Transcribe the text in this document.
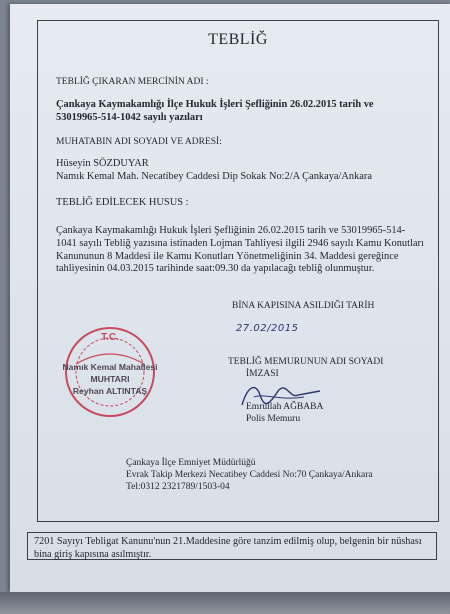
TEBLİĞ
TEBLİĞ ÇIKARAN MERCİNİN ADI :
Çankaya Kaymakamlığı İlçe Hukuk İşleri Şefliğinin 26.02.2015 tarih ve
53019965-514-1042 sayılı yazıları
MUHATABIN ADI SOYADI VE ADRESİ:
Hüseyin SÖZDUYAR
Namık Kemal Mah. Necatibey Caddesi Dip Sokak No:2/A Çankaya/Ankara
TEBLİĞ EDİLECEK HUSUS :
Çankaya Kaymakamlığı Hukuk İşleri Şefliğinin 26.02.2015 tarih ve 53019965-514-1041 sayılı Tebliğ yazısına istinaden Lojman Tahliyesi ilgili 2946 sayılı Kamu Konutları Kanununun 8 Maddesi ile Kamu Konutları Yönetmeliğinin 34. Maddesi gereğince tahliyesinin 04.03.2015 tarihinde saat:09.30 da yapılacağı tebliğ olunmuştur.
BİNA KAPISINA ASILDIĞI TARİH
27.02/2015
TEBLİĞ MEMURUNUN ADI SOYADI
İMZASI
Emrullah AĞBABA
Polis Memuru
Çankaya İlçe Emniyet Müdürlüğü
Evrak Takip Merkezi Necatibey Caddesi No:70 Çankaya/Ankara
Tel:0312 2321789/1503-04
T.C.
Namık Kemal Mahallesi
MUHTARI
Reyhan ALTINTAŞ
7201 Sayıyı Tebligat Kanunu'nun 21.Maddesine göre tanzim edilmiş olup, belgenin bir nüshası bina giriş kapısına asılmıştır.
